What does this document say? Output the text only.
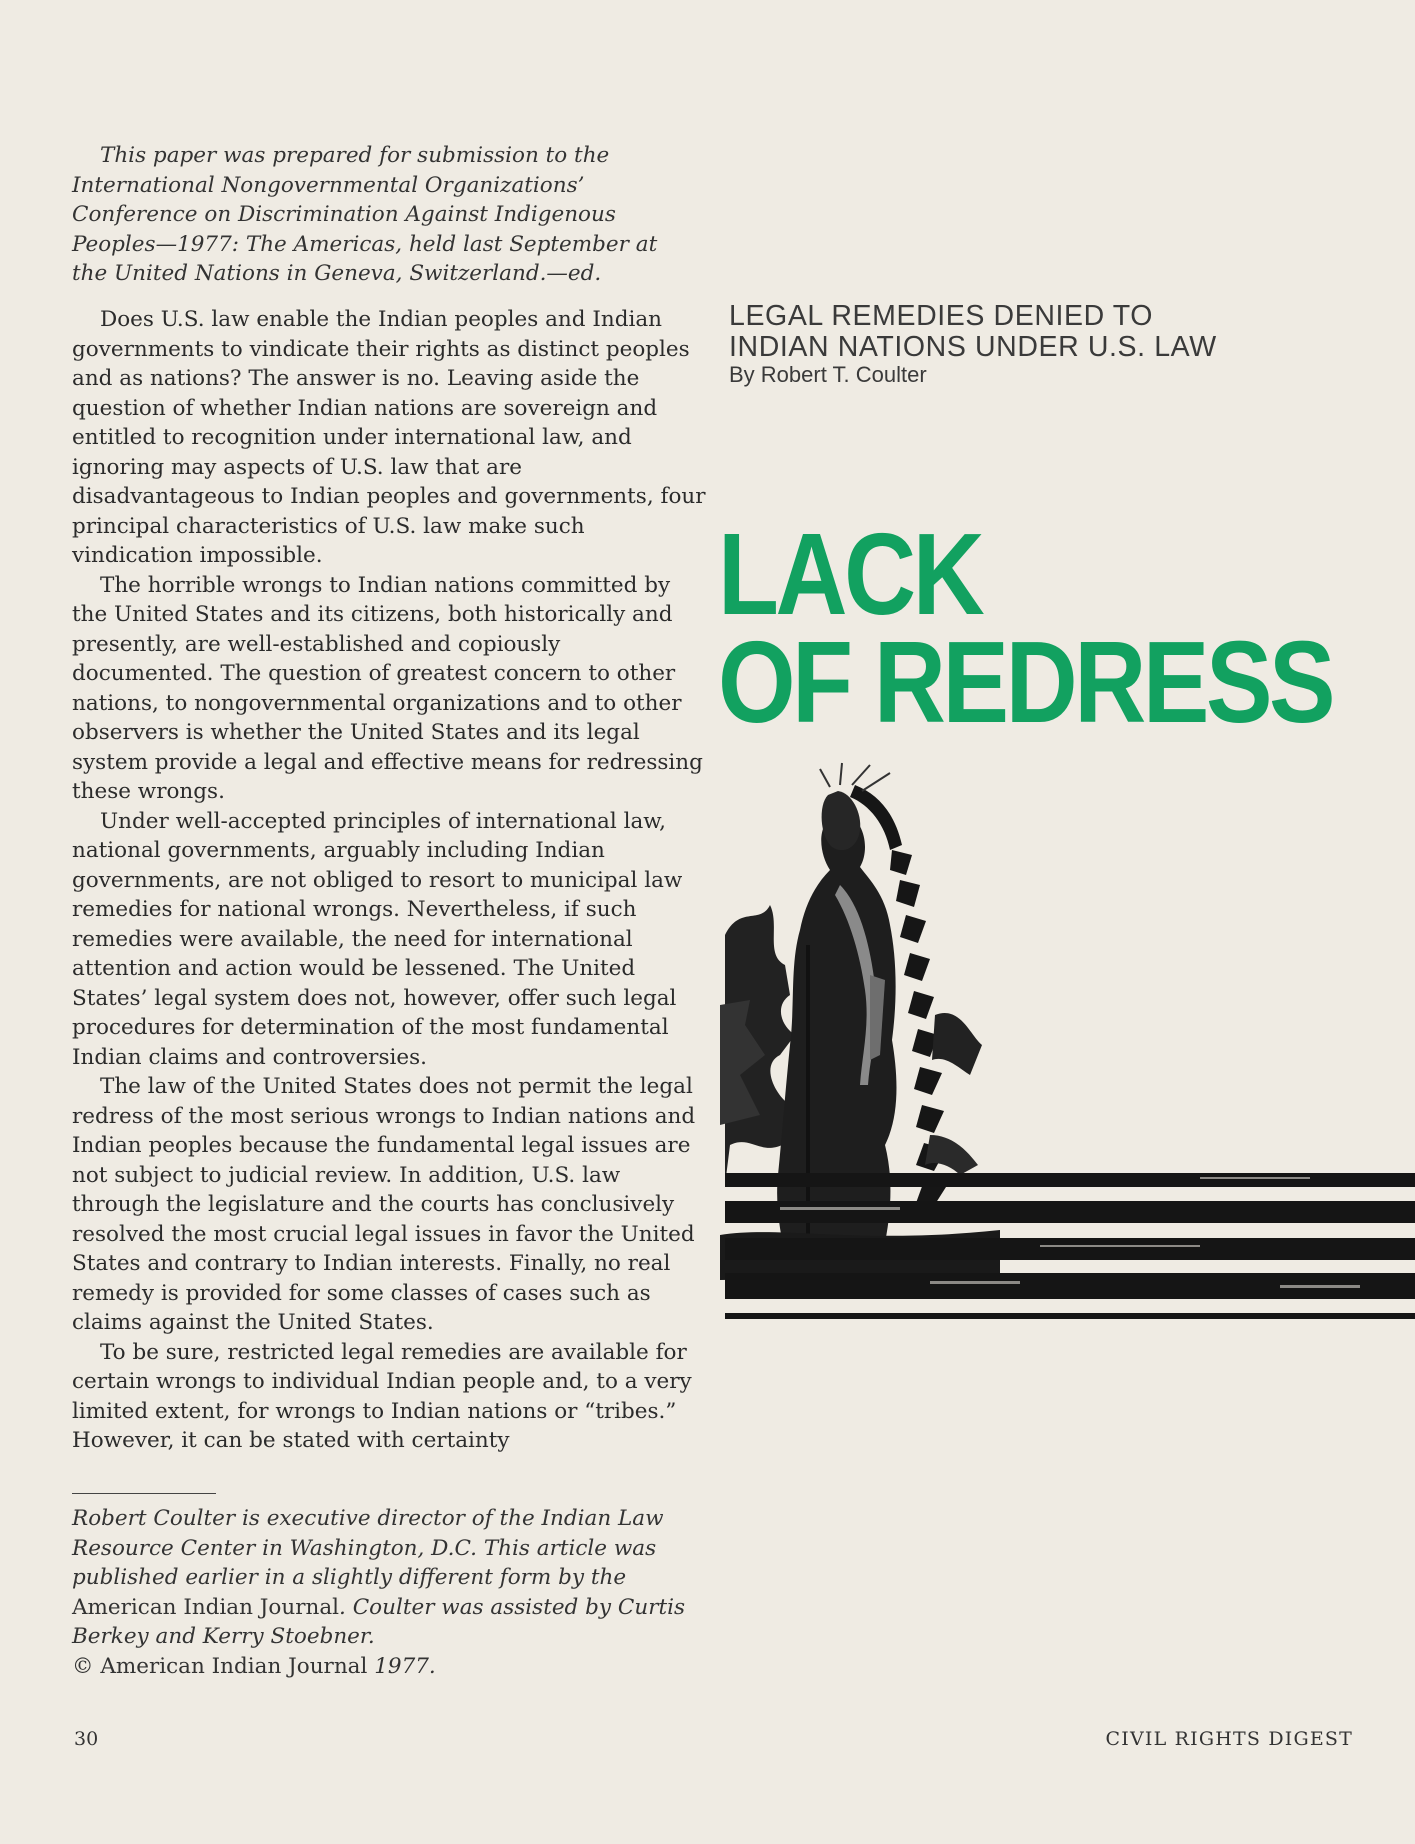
This paper was prepared for submission to the International Nongovernmental Organizations’ Conference on Discrimination Against Indigenous Peoples—1977: The Americas, held last September at the United Nations in Geneva, Switzerland.—ed.

Does U.S. law enable the Indian peoples and Indian governments to vindicate their rights as distinct peoples and as nations? The answer is no. Leaving aside the question of whether Indian nations are sovereign and entitled to recognition under international law, and ignoring may aspects of U.S. law that are disadvantageous to Indian peoples and governments, four principal characteristics of U.S. law make such vindication impossible.

The horrible wrongs to Indian nations committed by the United States and its citizens, both historically and presently, are well-established and copiously documented. The question of greatest concern to other nations, to nongovernmental organizations and to other observers is whether the United States and its legal system provide a legal and effective means for redressing these wrongs.

Under well-accepted principles of international law, national governments, arguably including Indian governments, are not obliged to resort to municipal law remedies for national wrongs. Nevertheless, if such remedies were available, the need for international attention and action would be lessened. The United States’ legal system does not, however, offer such legal procedures for determination of the most fundamental Indian claims and controversies.

The law of the United States does not permit the legal redress of the most serious wrongs to Indian nations and Indian peoples because the fundamental legal issues are not subject to judicial review. In addition, U.S. law through the legislature and the courts has conclusively resolved the most crucial legal issues in favor the United States and contrary to Indian interests. Finally, no real remedy is provided for some classes of cases such as claims against the United States.

To be sure, restricted legal remedies are available for certain wrongs to individual Indian people and, to a very limited extent, for wrongs to Indian nations or “tribes.” However, it can be stated with certainty

Robert Coulter is executive director of the Indian Law Resource Center in Washington, D.C. This article was published earlier in a slightly different form by the American Indian Journal. Coulter was assisted by Curtis Berkey and Kerry Stoebner.
© American Indian Journal 1977.
LEGAL REMEDIES DENIED TO
INDIAN NATIONS UNDER U.S. LAW
By Robert T. Coulter
LACK
OF REDRESS
30	CIVIL RIGHTS DIGEST
